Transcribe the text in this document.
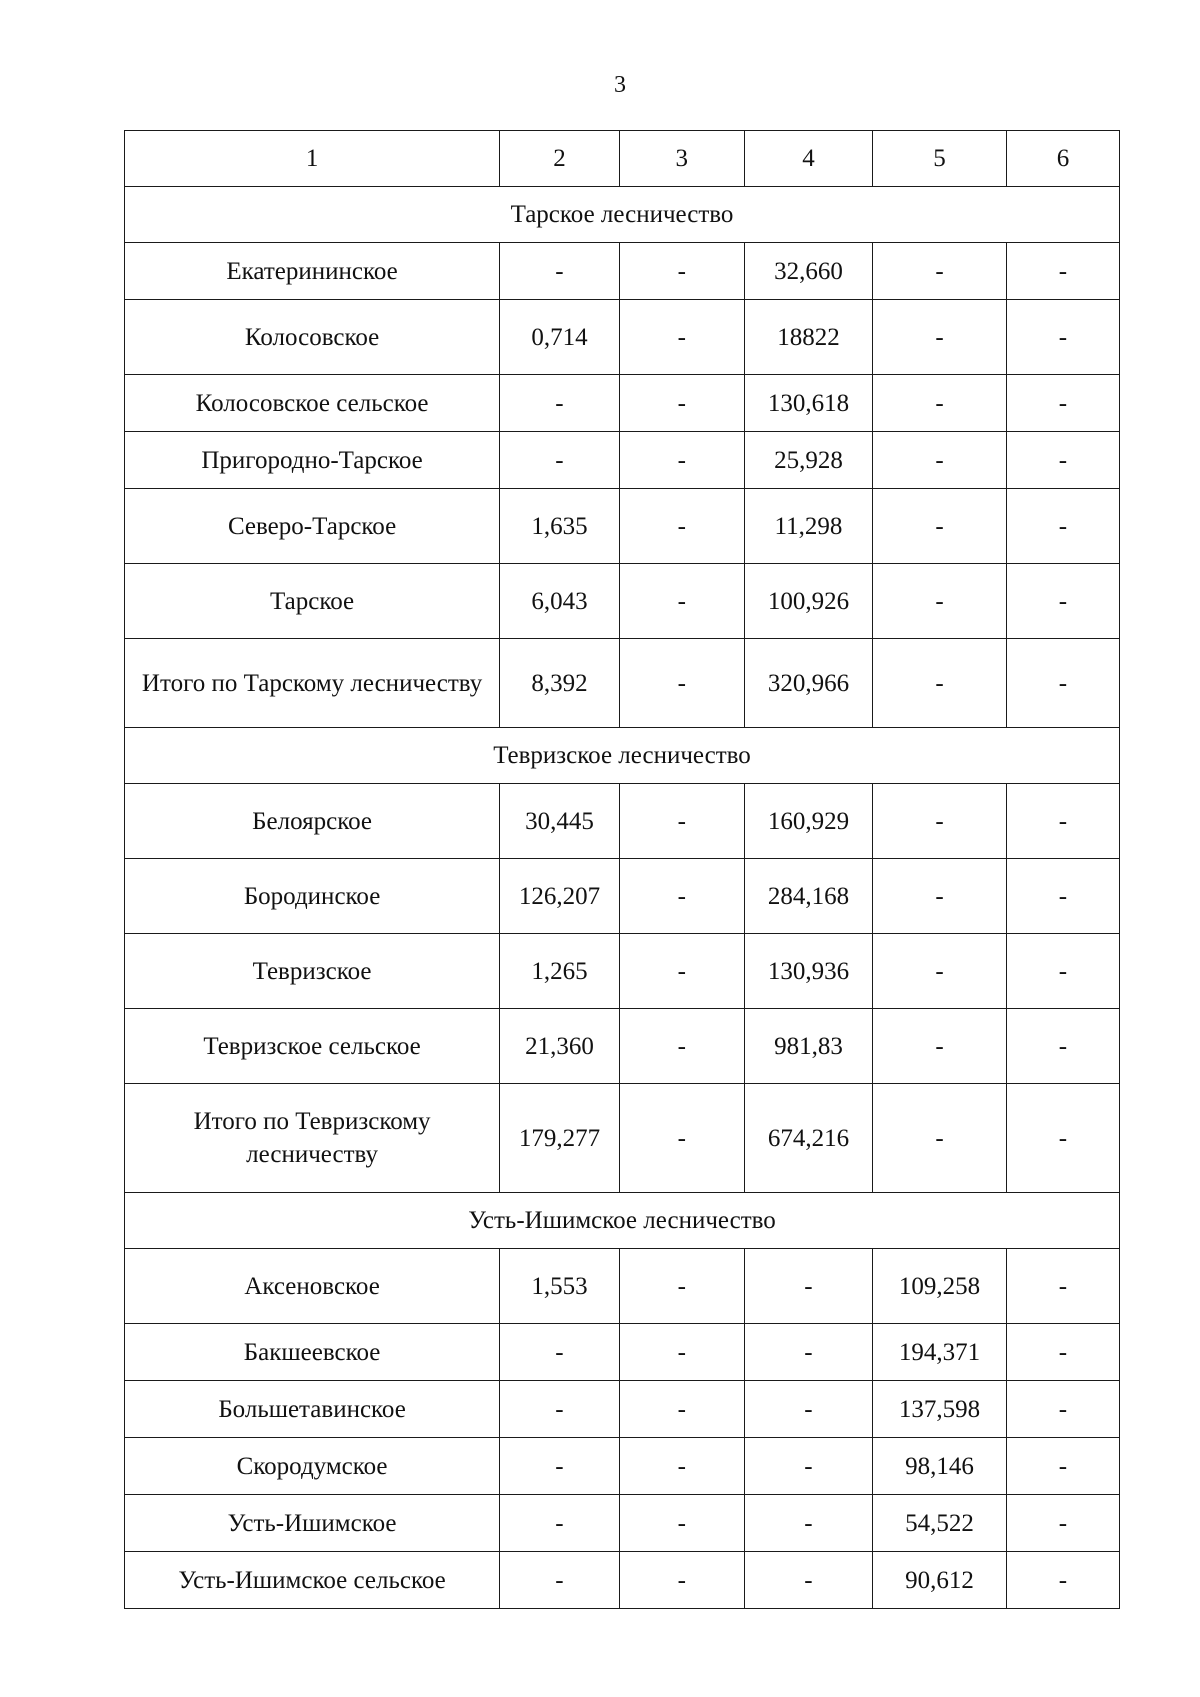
3
1	2	3	4	5	6
Тарское лесничество					
Екатерининское	-	-	32,660	-	-
Колосовское	0,714	-	18822	-	-
Колосовское сельское	-	-	130,618	-	-
Пригородно-Тарское	-	-	25,928	-	-
Северо-Тарское	1,635	-	11,298	-	-
Тарское	6,043	-	100,926	-	-
Итого по Тарскому лесничеству	8,392	-	320,966	-	-
Тевризское лесничество					
Белоярское	30,445	-	160,929	-	-
Бородинское	126,207	-	284,168	-	-
Тевризское	1,265	-	130,936	-	-
Тевризское сельское	21,360	-	981,83	-	-
Итого по Тевризскому лесничеству	179,277	-	674,216	-	-
Усть-Ишимское лесничество					
Аксеновское	1,553	-	-	109,258	-
Бакшеевское	-	-	-	194,371	-
Большетавинское	-	-	-	137,598	-
Скородумское	-	-	-	98,146	-
Усть-Ишимское	-	-	-	54,522	-
Усть-Ишимское сельское	-	-	-	90,612	-
